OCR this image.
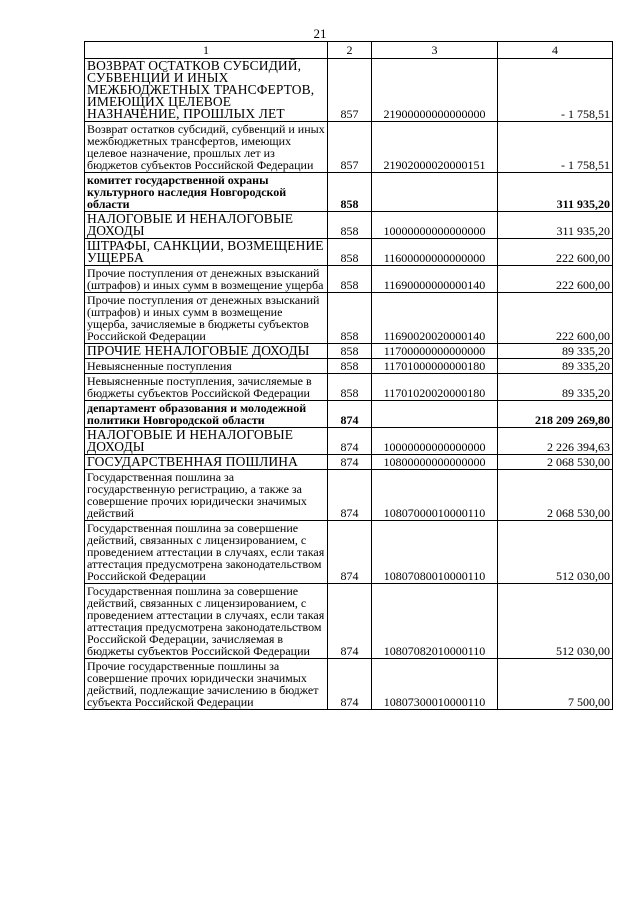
21
1	2	3	4
ВОЗВРАТ ОСТАТКОВ СУБСИДИЙ, СУБВЕНЦИЙ И ИНЫХ МЕЖБЮДЖЕТНЫХ ТРАНСФЕРТОВ, ИМЕЮЩИХ ЦЕЛЕВОЕ НАЗНАЧЕНИЕ, ПРОШЛЫХ ЛЕТ	857	21900000000000000	- 1 758,51
Возврат остатков субсидий, субвенций и иных межбюджетных трансфертов, имеющих целевое назначение, прошлых лет из бюджетов субъектов Российской Федерации	857	21902000020000151	- 1 758,51
комитет государственной охраны культурного наследия Новгородской области	858		311 935,20
НАЛОГОВЫЕ И НЕНАЛОГОВЫЕ ДОХОДЫ	858	10000000000000000	311 935,20
ШТРАФЫ, САНКЦИИ, ВОЗМЕЩЕНИЕ УЩЕРБА	858	11600000000000000	222 600,00
Прочие поступления от денежных взысканий (штрафов) и иных сумм в возмещение ущерба	858	11690000000000140	222 600,00
Прочие поступления от денежных взысканий (штрафов) и иных сумм в возмещение ущерба, зачисляемые в бюджеты субъектов Российской Федерации	858	11690020020000140	222 600,00
ПРОЧИЕ НЕНАЛОГОВЫЕ ДОХОДЫ	858	11700000000000000	89 335,20
Невыясненные поступления	858	11701000000000180	89 335,20
Невыясненные поступления, зачисляемые в бюджеты субъектов Российской Федерации	858	11701020020000180	89 335,20
департамент образования и молодежной политики Новгородской области	874		218 209 269,80
НАЛОГОВЫЕ И НЕНАЛОГОВЫЕ ДОХОДЫ	874	10000000000000000	2 226 394,63
ГОСУДАРСТВЕННАЯ ПОШЛИНА	874	10800000000000000	2 068 530,00
Государственная пошлина за государственную регистрацию, а также за совершение прочих юридически значимых действий	874	10807000010000110	2 068 530,00
Государственная пошлина за совершение действий, связанных с лицензированием, с проведением аттестации в случаях, если такая аттестация предусмотрена законодательством Российской Федерации	874	10807080010000110	512 030,00
Государственная пошлина за совершение действий, связанных с лицензированием, с проведением аттестации в случаях, если такая аттестация предусмотрена законодательством Российской Федерации, зачисляемая в бюджеты субъектов Российской Федерации	874	10807082010000110	512 030,00
Прочие государственные пошлины за совершение прочих юридически значимых действий, подлежащие зачислению в бюджет субъекта Российской Федерации	874	10807300010000110	7 500,00
